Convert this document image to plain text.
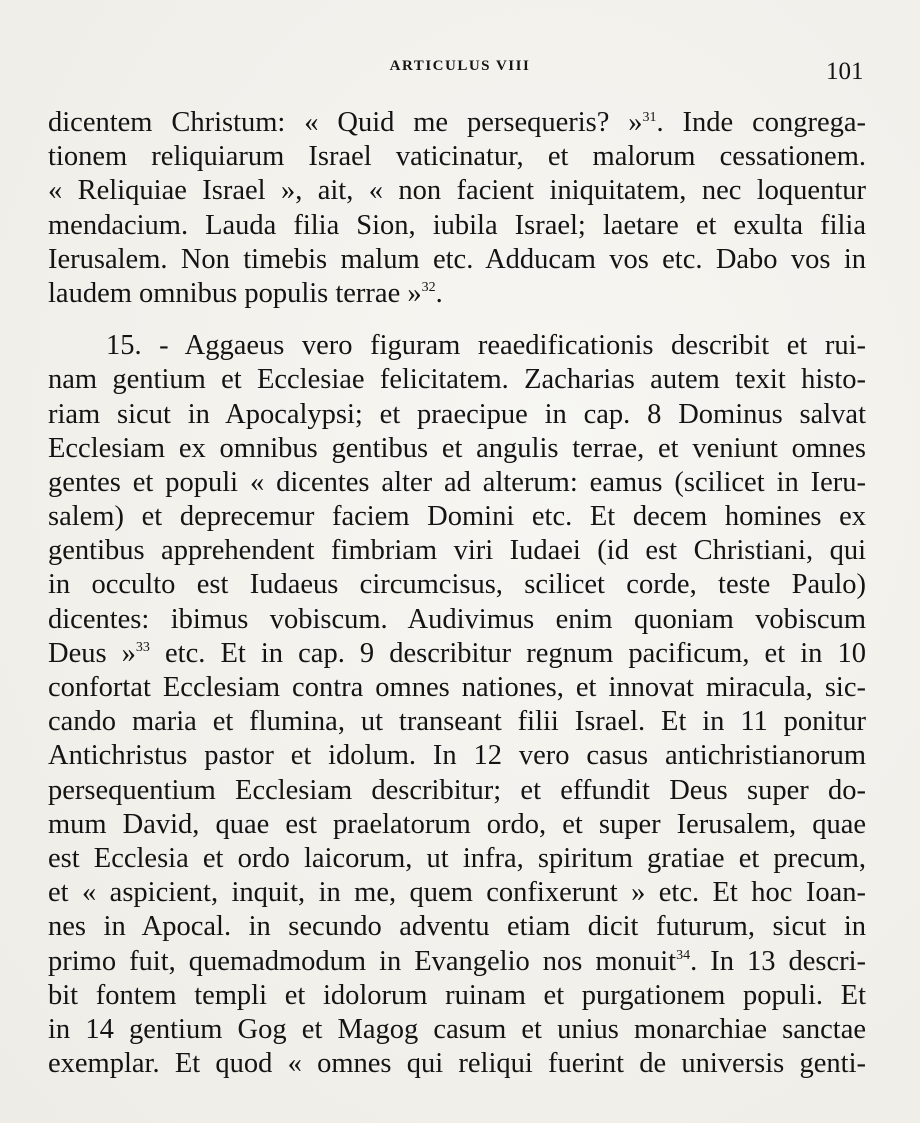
ARTICULUS VIII	101
dicentem Christum: « Quid me persequeris? »$^{31}$. Inde congrega-
tionem reliquiarum Israel vaticinatur, et malorum cessationem.
« Reliquiae Israel », ait, « non facient iniquitatem, nec loquentur
mendacium. Lauda filia Sion, iubila Israel; laetare et exulta filia
Ierusalem. Non timebis malum etc. Adducam vos etc. Dabo vos in
laudem omnibus populis terrae »$^{32}$.
15. - Aggaeus vero figuram reaedificationis describit et rui-
nam gentium et Ecclesiae felicitatem. Zacharias autem texit histo-
riam sicut in Apocalypsi; et praecipue in cap. 8 Dominus salvat
Ecclesiam ex omnibus gentibus et angulis terrae, et veniunt omnes
gentes et populi « dicentes alter ad alterum: eamus (scilicet in Ieru-
salem) et deprecemur faciem Domini etc. Et decem homines ex
gentibus apprehendent fimbriam viri Iudaei (id est Christiani, qui
in occulto est Iudaeus circumcisus, scilicet corde, teste Paulo)
dicentes: ibimus vobiscum. Audivimus enim quoniam vobiscum
Deus »$^{33}$ etc. Et in cap. 9 describitur regnum pacificum, et in 10
confortat Ecclesiam contra omnes nationes, et innovat miracula, sic-
cando maria et flumina, ut transeant filii Israel. Et in 11 ponitur
Antichristus pastor et idolum. In 12 vero casus antichristianorum
persequentium Ecclesiam describitur; et effundit Deus super do-
mum David, quae est praelatorum ordo, et super Ierusalem, quae
est Ecclesia et ordo laicorum, ut infra, spiritum gratiae et precum,
et « aspicient, inquit, in me, quem confixerunt » etc. Et hoc Ioan-
nes in Apocal. in secundo adventu etiam dicit futurum, sicut in
primo fuit, quemadmodum in Evangelio nos monuit$^{34}$. In 13 descri-
bit fontem templi et idolorum ruinam et purgationem populi. Et
in 14 gentium Gog et Magog casum et unius monarchiae sanctae
exemplar. Et quod « omnes qui reliqui fuerint de universis genti-
